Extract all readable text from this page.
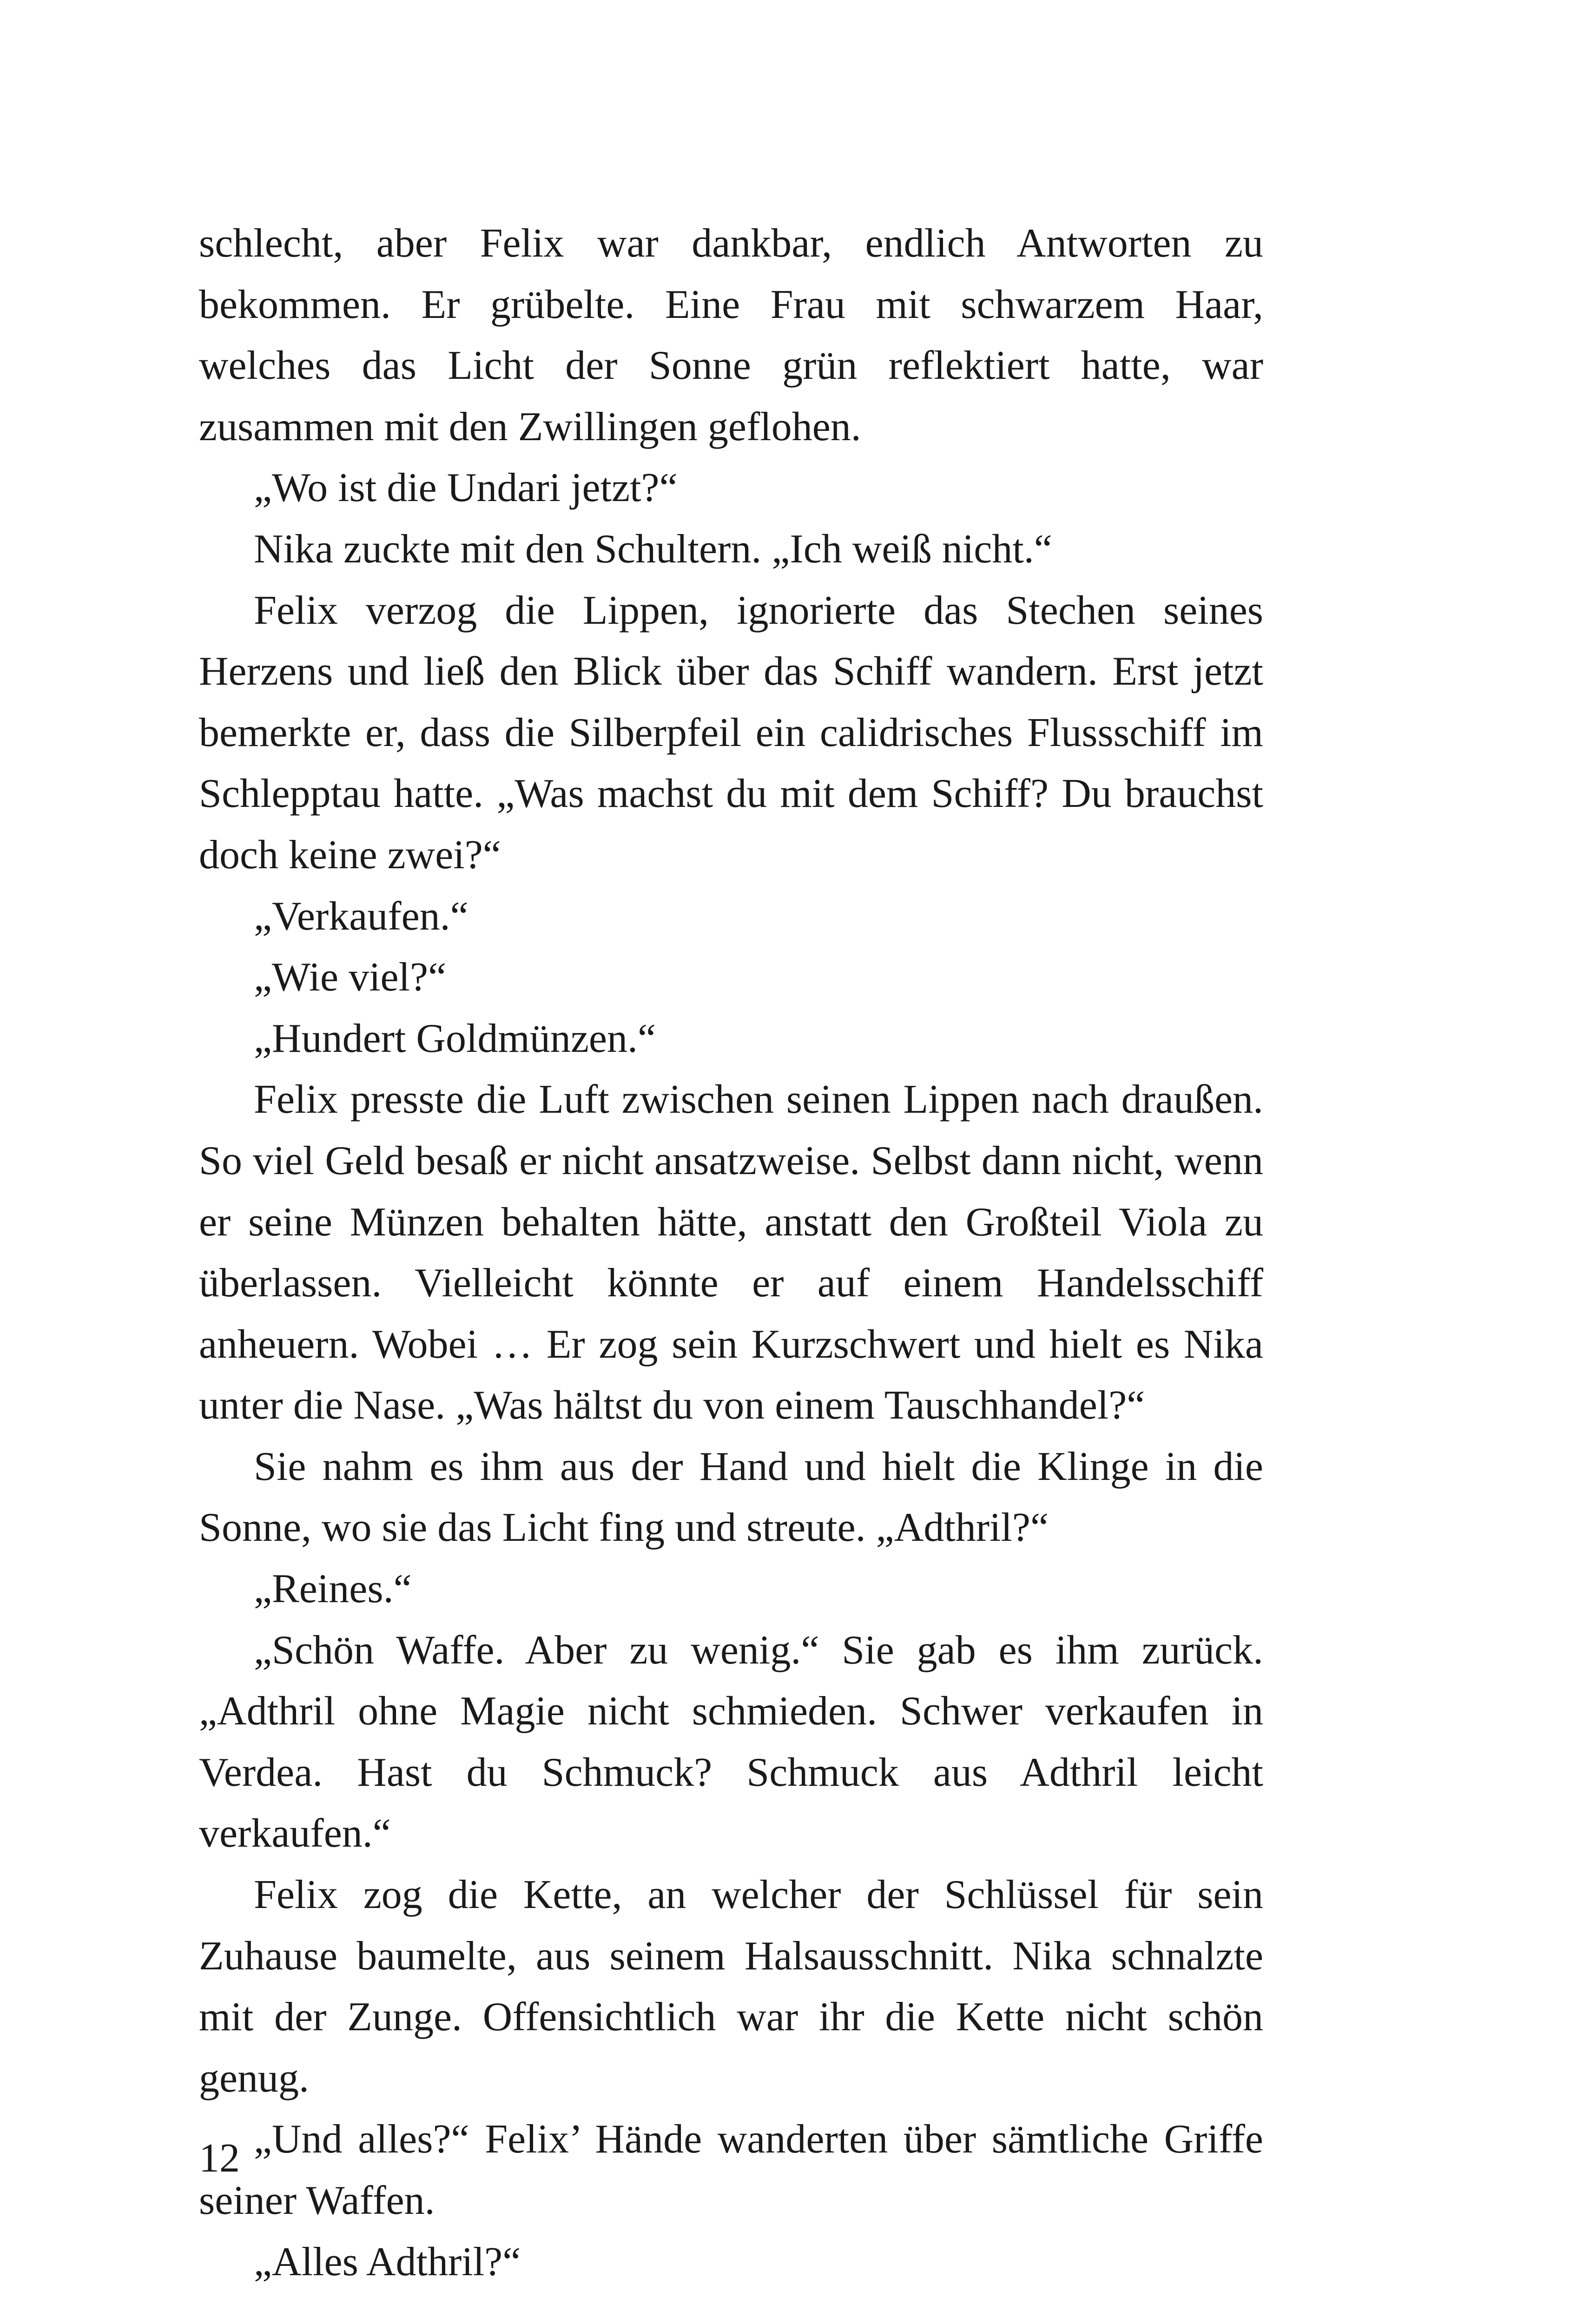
schlecht, aber Felix war dankbar, endlich Antworten zu bekommen. Er grübelte. Eine Frau mit schwarzem Haar, welches das Licht der Sonne grün reflektiert hatte, war zusammen mit den Zwillingen geflohen.

„Wo ist die Undari jetzt?“

Nika zuckte mit den Schultern. „Ich weiß nicht.“

Felix verzog die Lippen, ignorierte das Stechen seines Herzens und ließ den Blick über das Schiff wandern. Erst jetzt bemerkte er, dass die Silberpfeil ein calidrisches Flussschiff im Schlepptau hatte. „Was machst du mit dem Schiff? Du brauchst doch keine zwei?“

„Verkaufen.“

„Wie viel?“

„Hundert Goldmünzen.“

Felix presste die Luft zwischen seinen Lippen nach draußen. So viel Geld besaß er nicht ansatzweise. Selbst dann nicht, wenn er seine Münzen behalten hätte, anstatt den Großteil Viola zu überlassen. Vielleicht könnte er auf einem Handelsschiff anheuern. Wobei … Er zog sein Kurzschwert und hielt es Nika unter die Nase. „Was hältst du von einem Tauschhandel?“

Sie nahm es ihm aus der Hand und hielt die Klinge in die Sonne, wo sie das Licht fing und streute. „Adthril?“

„Reines.“

„Schön Waffe. Aber zu wenig.“ Sie gab es ihm zurück. „Adthril ohne Magie nicht schmieden. Schwer verkaufen in Verdea. Hast du Schmuck? Schmuck aus Adthril leicht verkaufen.“

Felix zog die Kette, an welcher der Schlüssel für sein Zuhause baumelte, aus seinem Halsausschnitt. Nika schnalzte mit der Zunge. Offensichtlich war ihr die Kette nicht schön genug.

„Und alles?“ Felix’ Hände wanderten über sämtliche Griffe seiner Waffen.

„Alles Adthril?“

12
